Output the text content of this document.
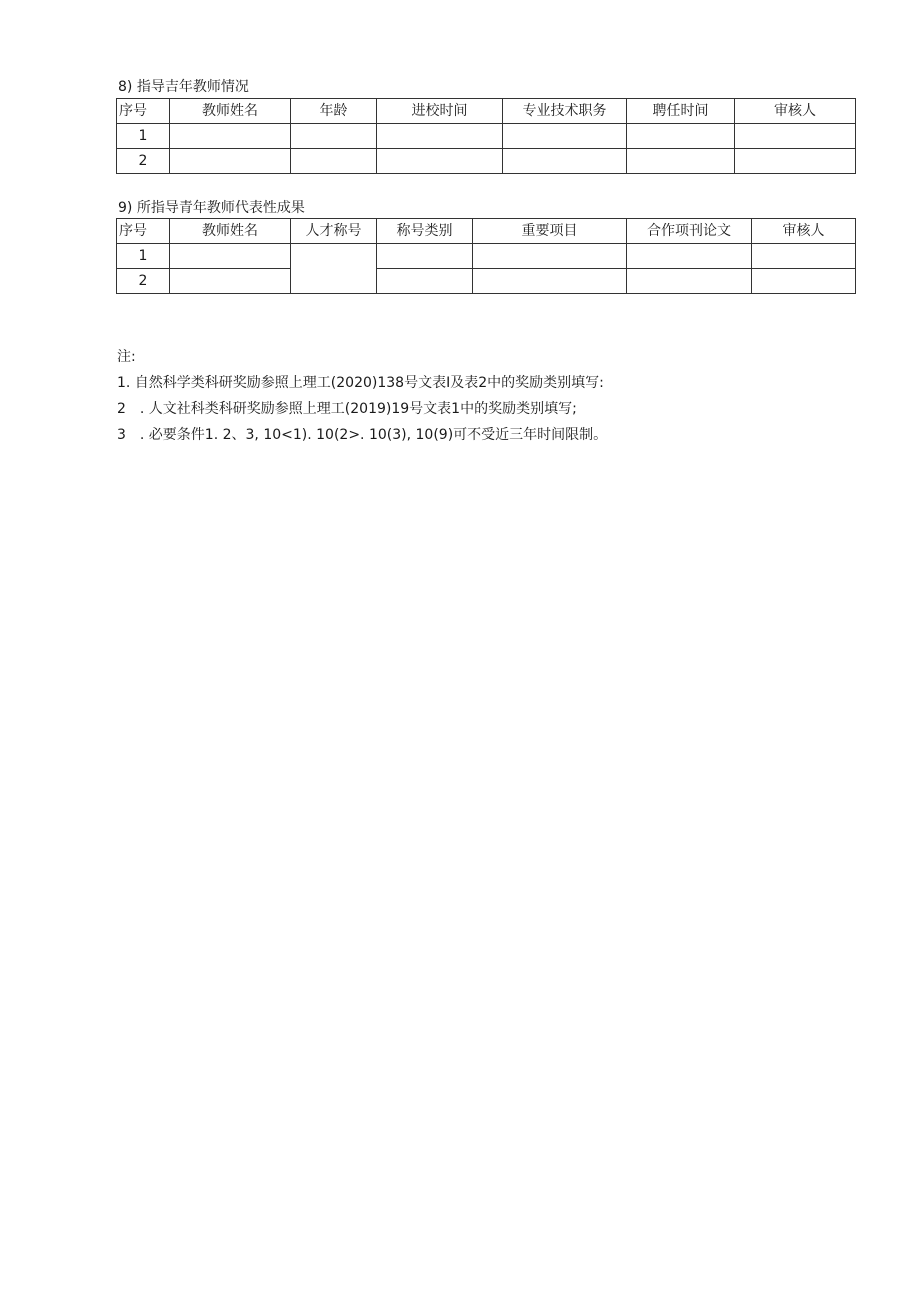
8) 指导吉年教师情况
序号	教师姓名	年龄	进校时间	专业技术职务	聘任时间	审核人
1						
2						
9) 所指导青年教师代表性成果
序号	教师姓名	人才称号	称号类别	重要项目	合作项刊论文	审核人
1						
2						
注:
1. 自然科学类科研奖励参照上理工(2020)138号文表I及表2中的奖励类别填写:
2　. 人文社科类科研奖励参照上理工(2019)19号文表1中的奖励类别填写;
3　. 必要条件1. 2、3, 10<1). 10(2>. 10(3), 10(9)可不受近三年时间限制。
